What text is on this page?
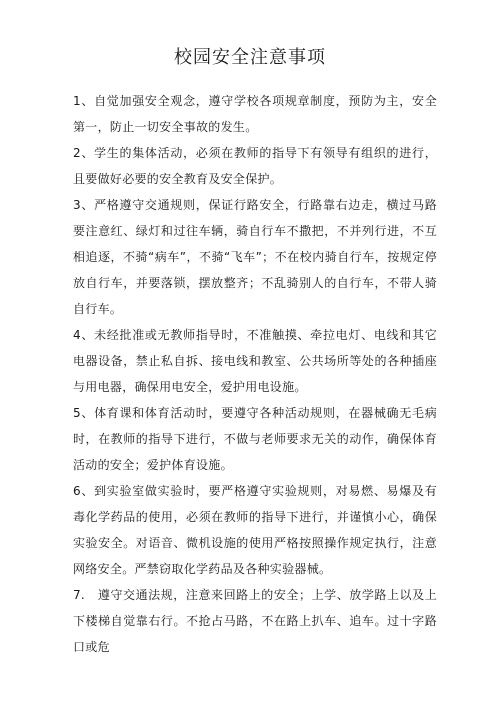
校园安全注意事项

1、自觉加强安全观念，遵守学校各项规章制度，预防为主，安全第一，防止一切安全事故的发生。

2、学生的集体活动，必须在教师的指导下有领导有组织的进行，且要做好必要的安全教育及安全保护。

3、严格遵守交通规则，保证行路安全，行路靠右边走，横过马路要注意红、绿灯和过往车辆，骑自行车不撒把，不并列行进，不互相追逐，不骑“病车”，不骑“飞车”；不在校内骑自行车，按规定停放自行车，并要落锁，摆放整齐；不乱骑别人的自行车，不带人骑自行车。

4、未经批准或无教师指导时，不准触摸、牵拉电灯、电线和其它电器设备，禁止私自拆、接电线和教室、公共场所等处的各种插座与用电器，确保用电安全，爱护用电设施。

5、体育课和体育活动时，要遵守各种活动规则，在器械确无毛病时，在教师的指导下进行，不做与老师要求无关的动作，确保体育活动的安全；爱护体育设施。

6、到实验室做实验时，要严格遵守实验规则，对易燃、易爆及有毒化学药品的使用，必须在教师的指导下进行，并谨慎小心，确保实验安全。对语音、微机设施的使用严格按照操作规定执行，注意网络安全。严禁窃取化学药品及各种实验器械。

7.　遵守交通法规，注意来回路上的安全；上学、放学路上以及上下楼梯自觉靠右行。不抢占马路，不在路上扒车、追车。过十字路口或危
